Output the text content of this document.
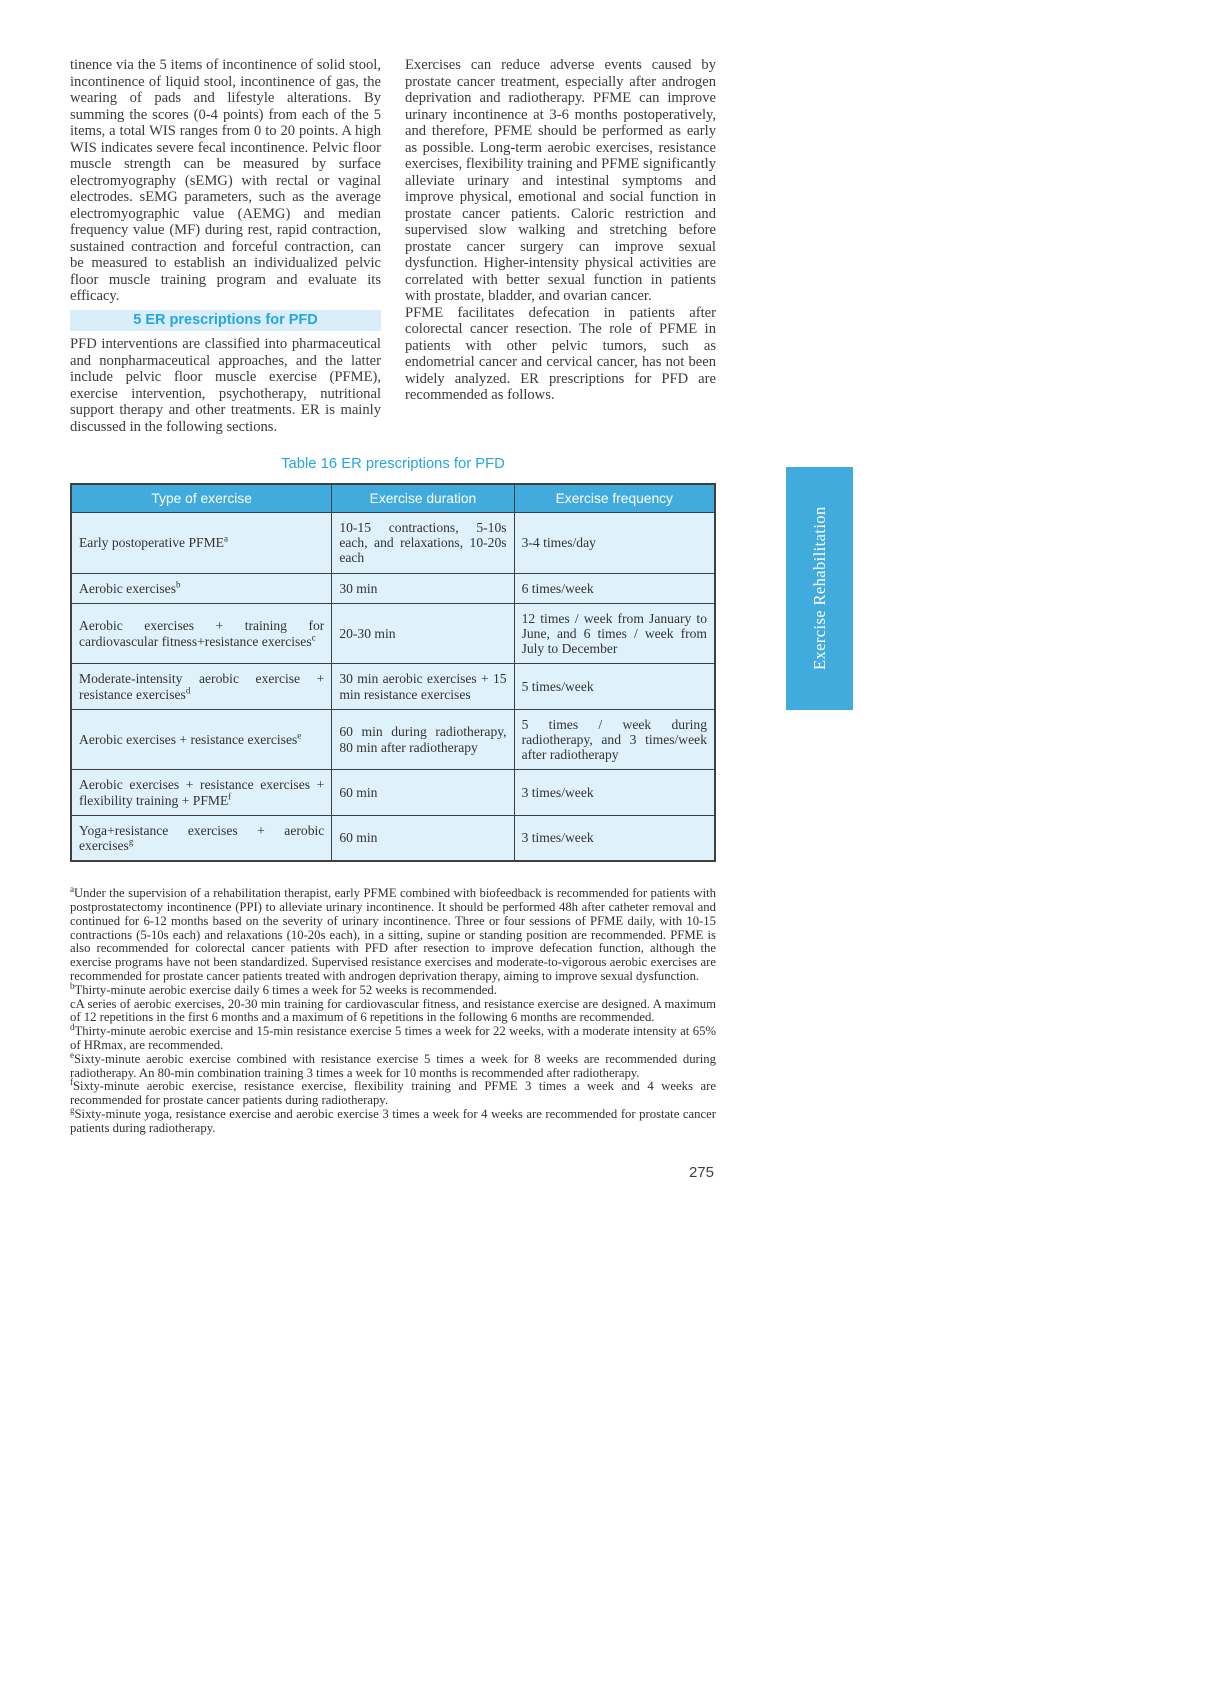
tinence via the 5 items of incontinence of solid stool, incontinence of liquid stool, incontinence of gas, the wearing of pads and lifestyle alterations. By summing the scores (0-4 points) from each of the 5 items, a total WIS ranges from 0 to 20 points. A high WIS indicates severe fecal incontinence. Pelvic floor muscle strength can be measured by surface electromyography (sEMG) with rectal or vaginal electrodes. sEMG parameters, such as the average electromyographic value (AEMG) and median frequency value (MF) during rest, rapid contraction, sustained contraction and forceful contraction, can be measured to establish an individualized pelvic floor muscle training program and evaluate its efficacy.

5 ER prescriptions for PFD

PFD interventions are classified into pharmaceutical and nonpharmaceutical approaches, and the latter include pelvic floor muscle exercise (PFME), exercise intervention, psychotherapy, nutritional support therapy and other treatments. ER is mainly discussed in the following sections.

Exercises can reduce adverse events caused by prostate cancer treatment, especially after androgen deprivation and radiotherapy. PFME can improve urinary incontinence at 3-6 months postoperatively, and therefore, PFME should be performed as early as possible. Long-term aerobic exercises, resistance exercises, flexibility training and PFME significantly alleviate urinary and intestinal symptoms and improve physical, emotional and social function in prostate cancer patients. Caloric restriction and supervised slow walking and stretching before prostate cancer surgery can improve sexual dysfunction. Higher-intensity physical activities are correlated with better sexual function in patients with prostate, bladder, and ovarian cancer.

PFME facilitates defecation in patients after colorectal cancer resection. The role of PFME in patients with other pelvic tumors, such as endometrial cancer and cervical cancer, has not been widely analyzed. ER prescriptions for PFD are recommended as follows.

Table 16 ER prescriptions for PFD
Type of exercise	Exercise duration	Exercise frequency
Early postoperative PFME$^a$	10-15 contractions, 5-10s each, and relaxations, 10-20s each	3-4 times/day
Aerobic exercises$^b$	30 min	6 times/week
Aerobic exercises + training for cardiovascular fitness+resistance exercises$^c$	20-30 min	12 times / week from January to June, and 6 times / week from July to December
Moderate-intensity aerobic exercise + resistance exercises$^d$	30 min aerobic exercises + 15 min resistance exercises	5 times/week
Aerobic exercises + resistance exercises$^e$	60 min during radiotherapy, 80 min after radiotherapy	5 times / week during radiotherapy, and 3 times/week after radiotherapy
Aerobic exercises + resistance exercises + flexibility training + $PFME^f$	60 min	3 times/week
Yoga+resistance exercises + aerobic exercises$^g$	60 min	3 times/week
$^a$Under the supervision of a rehabilitation therapist, early PFME combined with biofeedback is recommended for patients with postprostatectomy incontinence (PPI) to alleviate urinary incontinence. It should be performed 48h after catheter removal and continued for 6-12 months based on the severity of urinary incontinence. Three or four sessions of PFME daily, with 10-15 contractions (5-10s each) and relaxations (10-20s each), in a sitting, supine or standing position are recommended. PFME is also recommended for colorectal cancer patients with PFD after resection to improve defecation function, although the exercise programs have not been standardized. Supervised resistance exercises and moderate-to-vigorous aerobic exercises are recommended for prostate cancer patients treated with androgen deprivation therapy, aiming to improve sexual dysfunction.
$^b$Thirty-minute aerobic exercise daily 6 times a week for 52 weeks is recommended.
cA series of aerobic exercises, 20-30 min training for cardiovascular fitness, and resistance exercise are designed. A maximum of 12 repetitions in the first 6 months and a maximum of 6 repetitions in the following 6 months are recommended.
$^d$Thirty-minute aerobic exercise and 15-min resistance exercise 5 times a week for 22 weeks, with a moderate intensity at 65% of HRmax, are recommended.
$^e$Sixty-minute aerobic exercise combined with resistance exercise 5 times a week for 8 weeks are recommended during radiotherapy. An 80-min combination training 3 times a week for 10 months is recommended after radiotherapy.
$^f$Sixty-minute aerobic exercise, resistance exercise, flexibility training and PFME 3 times a week and 4 weeks are recommended for prostate cancer patients during radiotherapy.
$^g$Sixty-minute yoga, resistance exercise and aerobic exercise 3 times a week for 4 weeks are recommended for prostate cancer patients during radiotherapy.
275
Exercise Rehabilitation
